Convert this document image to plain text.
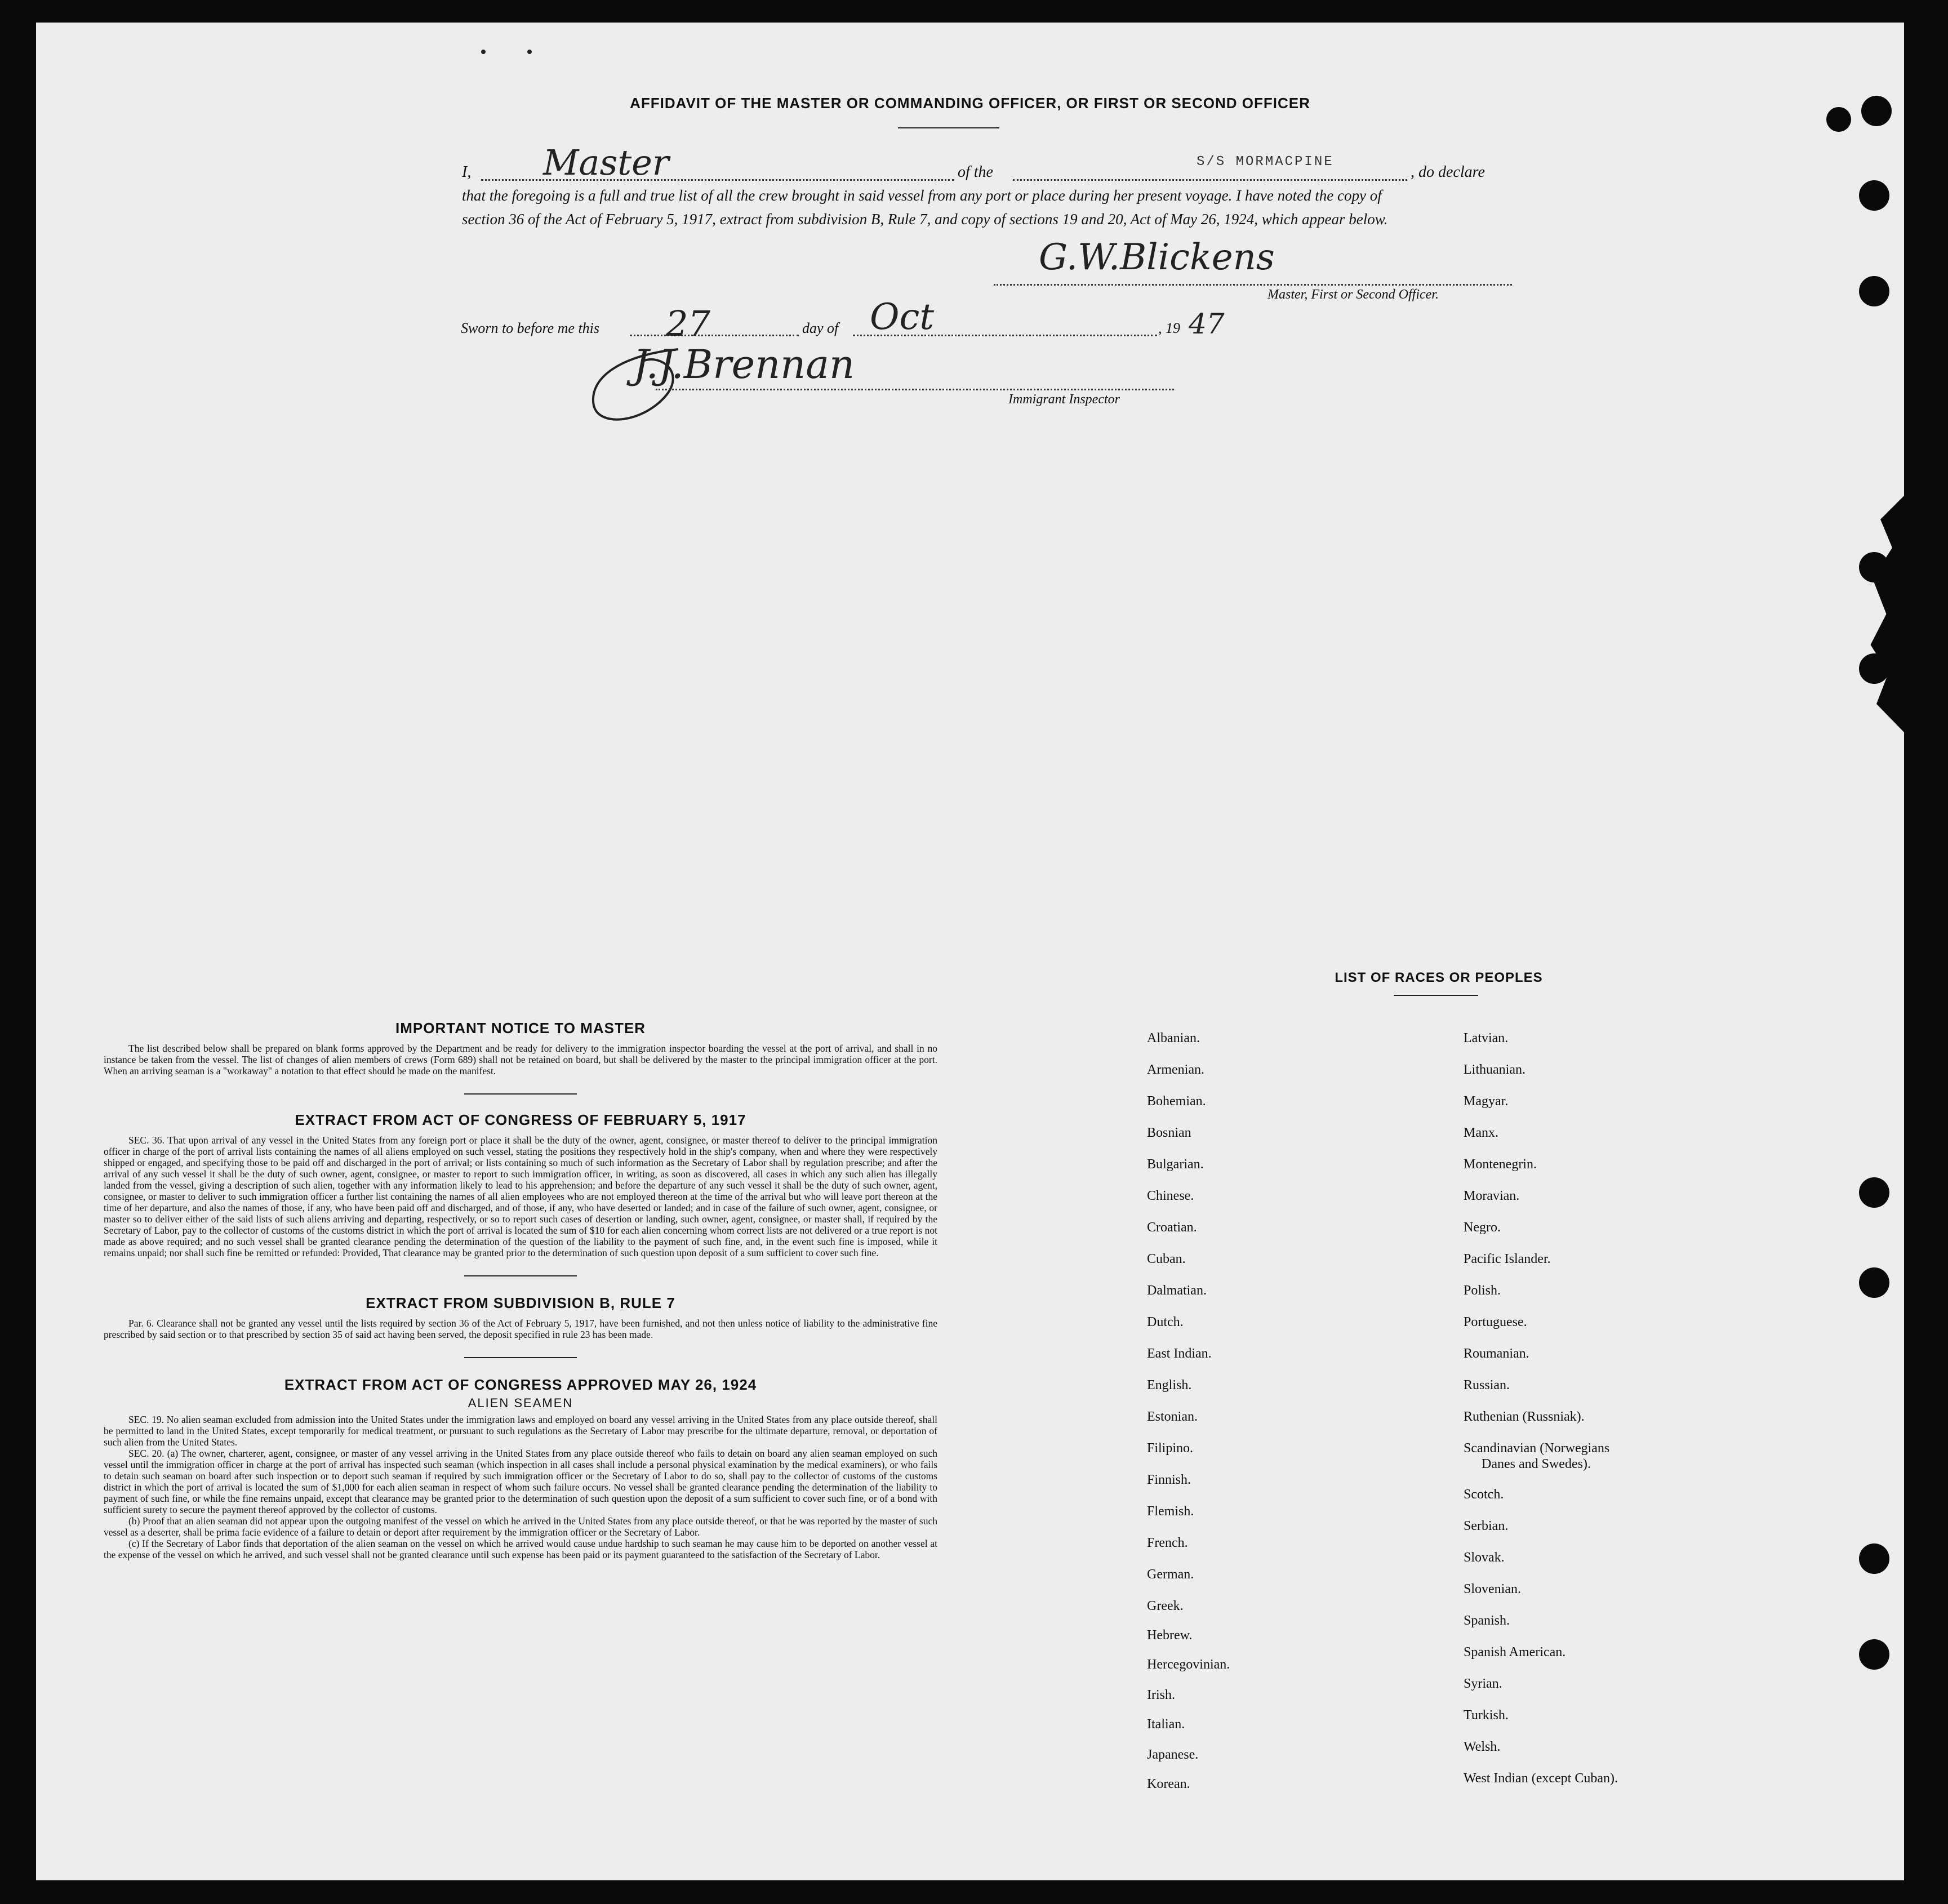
AFFIDAVIT OF THE MASTER OR COMMANDING OFFICER, OR FIRST OR SECOND OFFICER
I, Master	of the
S/S MORMACPINE
, do declare
that the foregoing is a full and true list of all the crew brought in said vessel from any port or place during her present voyage. I have noted the copy of
section 36 of the Act of February 5, 1917, extract from subdivision B, Rule 7, and copy of sections 19 and 20, Act of May 26, 1924, which appear below.
G.W.Blickens
Master, First or Second Officer.
Sworn to before me this 27	day of Oct	, 19 47
J.J.Brennan
Immigrant Inspector
IMPORTANT NOTICE TO MASTER

The list described below shall be prepared on blank forms approved by the Department and be ready for delivery to the immigration inspector boarding the vessel at the port of arrival, and shall in no instance be taken from the vessel. The list of changes of alien members of crews (Form 689) shall not be retained on board, but shall be delivered by the master to the principal immigration officer at the port. When an arriving seaman is a "workaway" a notation to that effect should be made on the manifest.

EXTRACT FROM ACT OF CONGRESS OF FEBRUARY 5, 1917

SEC. 36. That upon arrival of any vessel in the United States from any foreign port or place it shall be the duty of the owner, agent, consignee, or master thereof to deliver to the principal immigration officer in charge of the port of arrival lists containing the names of all aliens employed on such vessel, stating the positions they respectively hold in the ship's company, when and where they were respectively shipped or engaged, and specifying those to be paid off and discharged in the port of arrival; or lists containing so much of such information as the Secretary of Labor shall by regulation prescribe; and after the arrival of any such vessel it shall be the duty of such owner, agent, consignee, or master to report to such immigration officer, in writing, as soon as discovered, all cases in which any such alien has illegally landed from the vessel, giving a description of such alien, together with any information likely to lead to his apprehension; and before the departure of any such vessel it shall be the duty of such owner, agent, consignee, or master to deliver to such immigration officer a further list containing the names of all alien employees who are not employed thereon at the time of the arrival but who will leave port thereon at the time of her departure, and also the names of those, if any, who have been paid off and discharged, and of those, if any, who have deserted or landed; and in case of the failure of such owner, agent, consignee, or master so to deliver either of the said lists of such aliens arriving and departing, respectively, or so to report such cases of desertion or landing, such owner, agent, consignee, or master shall, if required by the Secretary of Labor, pay to the collector of customs of the customs district in which the port of arrival is located the sum of $10 for each alien concerning whom correct lists are not delivered or a true report is not made as above required; and no such vessel shall be granted clearance pending the determination of the question of the liability to the payment of such fine, and, in the event such fine is imposed, while it remains unpaid; nor shall such fine be remitted or refunded: Provided, That clearance may be granted prior to the determination of such question upon deposit of a sum sufficient to cover such fine.

EXTRACT FROM SUBDIVISION B, RULE 7

Par. 6. Clearance shall not be granted any vessel until the lists required by section 36 of the Act of February 5, 1917, have been furnished, and not then unless notice of liability to the administrative fine prescribed by said section or to that prescribed by section 35 of said act having been served, the deposit specified in rule 23 has been made.

EXTRACT FROM ACT OF CONGRESS APPROVED MAY 26, 1924
ALIEN SEAMEN

SEC. 19. No alien seaman excluded from admission into the United States under the immigration laws and employed on board any vessel arriving in the United States from any place outside thereof, shall be permitted to land in the United States, except temporarily for medical treatment, or pursuant to such regulations as the Secretary of Labor may prescribe for the ultimate departure, removal, or deportation of such alien from the United States.

SEC. 20. (a) The owner, charterer, agent, consignee, or master of any vessel arriving in the United States from any place outside thereof who fails to detain on board any alien seaman employed on such vessel until the immigration officer in charge at the port of arrival has inspected such seaman (which inspection in all cases shall include a personal physical examination by the medical examiners), or who fails to detain such seaman on board after such inspection or to deport such seaman if required by such immigration officer or the Secretary of Labor to do so, shall pay to the collector of customs of the customs district in which the port of arrival is located the sum of $1,000 for each alien seaman in respect of whom such failure occurs. No vessel shall be granted clearance pending the determination of the liability to payment of such fine, or while the fine remains unpaid, except that clearance may be granted prior to the determination of such question upon the deposit of a sum sufficient to cover such fine, or of a bond with sufficient surety to secure the payment thereof approved by the collector of customs.

(b) Proof that an alien seaman did not appear upon the outgoing manifest of the vessel on which he arrived in the United States from any place outside thereof, or that he was reported by the master of such vessel as a deserter, shall be prima facie evidence of a failure to detain or deport after requirement by the immigration officer or the Secretary of Labor.

(c) If the Secretary of Labor finds that deportation of the alien seaman on the vessel on which he arrived would cause undue hardship to such seaman he may cause him to be deported on another vessel at the expense of the vessel on which he arrived, and such vessel shall not be granted clearance until such expense has been paid or its payment guaranteed to the satisfaction of the Secretary of Labor.

LIST OF RACES OR PEOPLES
Albanian.
Armenian.
Bohemian.
Bosnian
Bulgarian.
Chinese.
Croatian.
Cuban.
Dalmatian.
Dutch.
East Indian.
English.
Estonian.
Filipino.
Finnish.
Flemish.
French.
German.
Greek.
Hebrew.
Hercegovinian.
Irish.
Italian.
Japanese.
Korean.
Latvian.
Lithuanian.
Magyar.
Manx.
Montenegrin.
Moravian.
Negro.
Pacific Islander.
Polish.
Portuguese.
Roumanian.
Russian.
Ruthenian (Russniak).
Scandinavian (Norwegians
Danes and Swedes).
Scotch.
Serbian.
Slovak.
Slovenian.
Spanish.
Spanish American.
Syrian.
Turkish.
Welsh.
West Indian (except Cuban).
